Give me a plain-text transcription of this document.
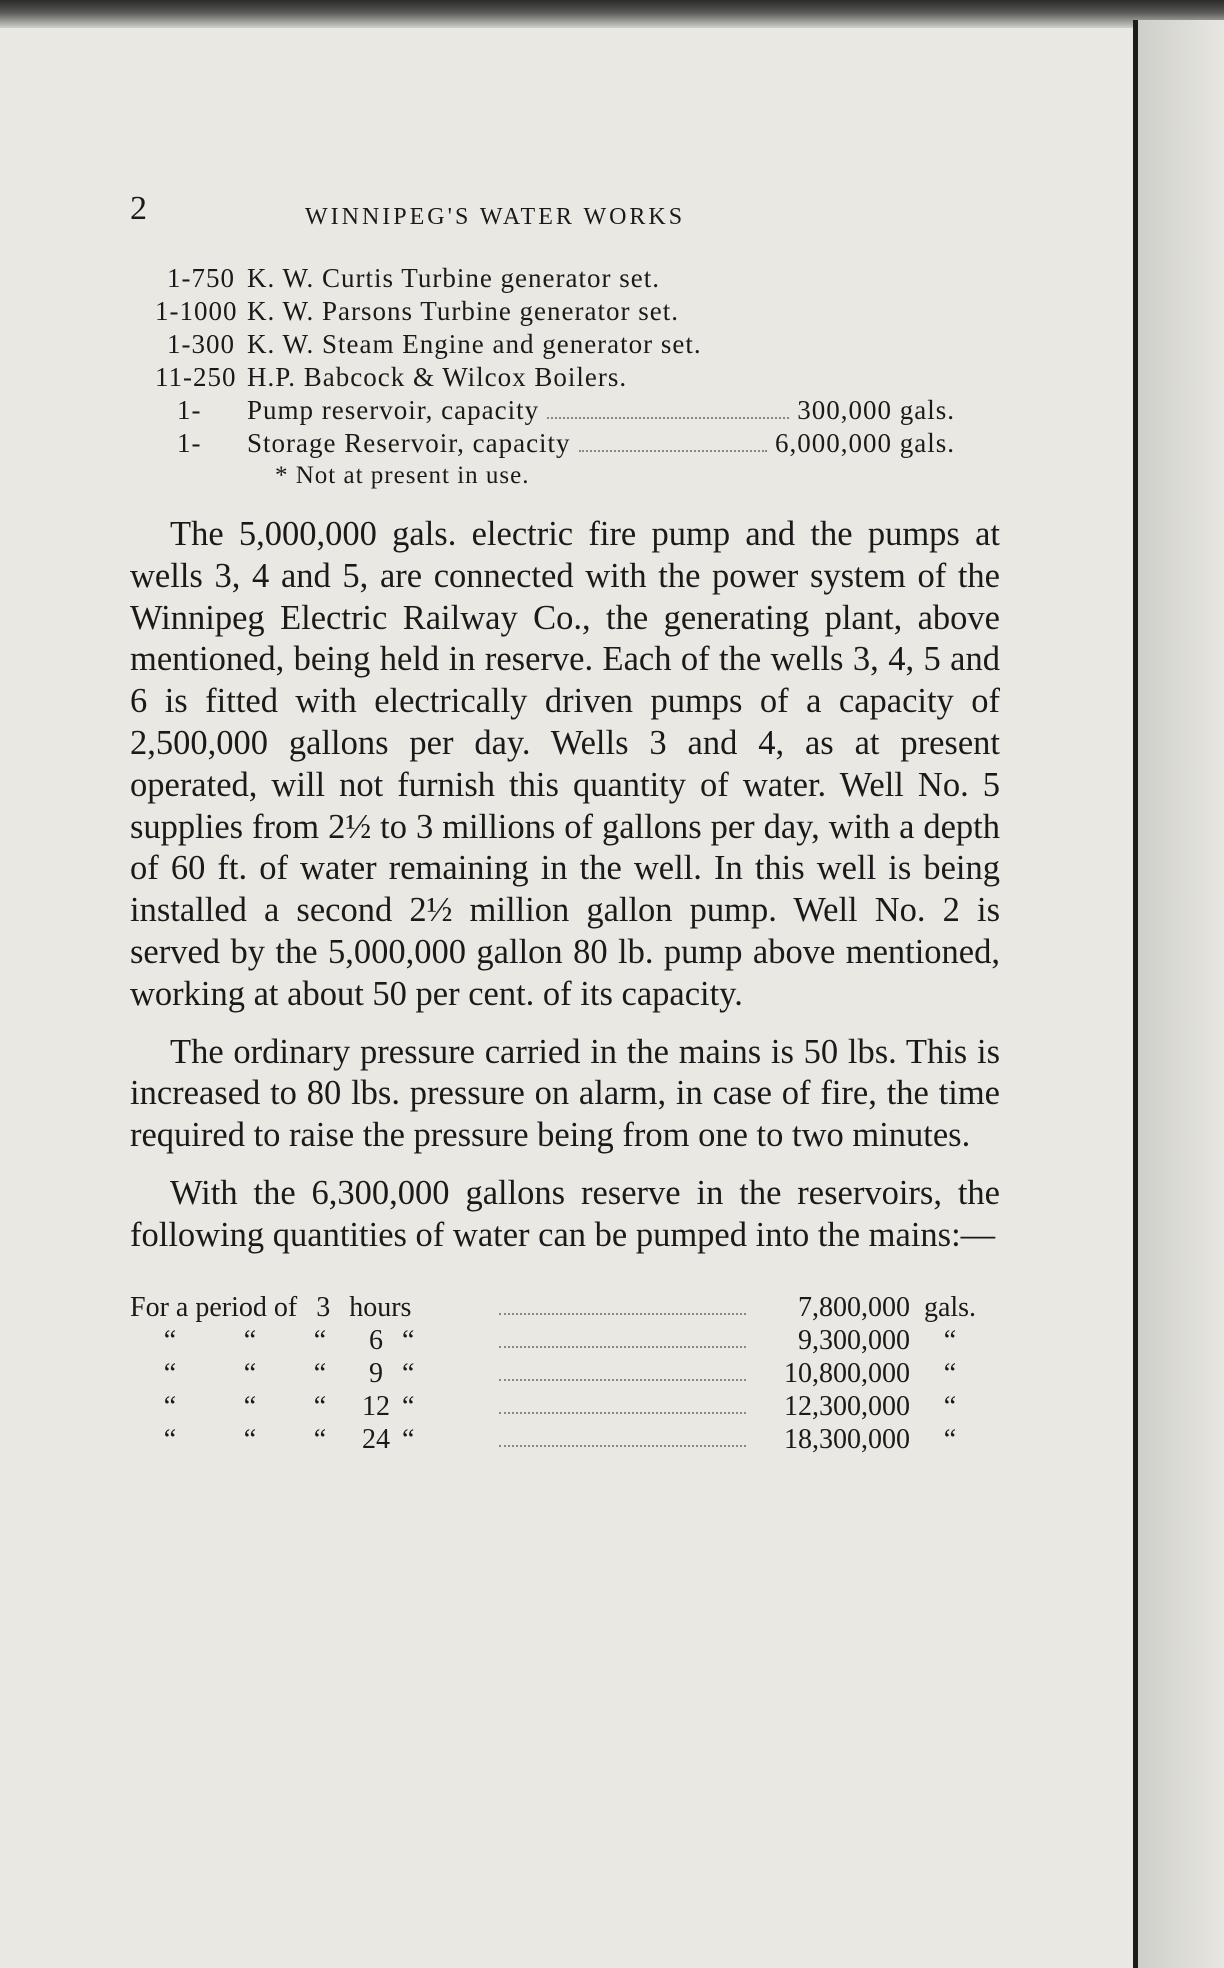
2	WINNIPEG'S WATER WORKS
1-750 K. W. Curtis Turbine generator set.
1-1000 K. W. Parsons Turbine generator set.
1-300 K. W. Steam Engine and generator set.
11-250 H.P. Babcock & Wilcox Boilers.
1-	Pump reservoir, capacity	300,000 gals.
1-	Storage Reservoir, capacity	6,000,000 gals.
* Not at present in use.

The 5,000,000 gals. electric fire pump and the pumps at wells 3, 4 and 5, are connected with the power system of the Winnipeg Electric Railway Co., the generating plant, above mentioned, being held in reserve. Each of the wells 3, 4, 5 and 6 is fitted with electrically driven pumps of a capacity of 2,500,000 gallons per day. Wells 3 and 4, as at present operated, will not furnish this quantity of water. Well No. 5 supplies from 2½ to 3 millions of gallons per day, with a depth of 60 ft. of water remaining in the well. In this well is being installed a second 2½ million gallon pump. Well No. 2 is served by the 5,000,000 gallon 80 lb. pump above mentioned, working at about 50 per cent. of its capacity.

The ordinary pressure carried in the mains is 50 lbs. This is increased to 80 lbs. pressure on alarm, in case of fire, the time required to raise the pressure being from one to two minutes.

With the 6,300,000 gallons reserve in the reservoirs, the following quantities of water can be pumped into the mains:—

For a period of 3 hours	7,800,000 gals.
“ “ “ 6 “	9,300,000	“
“ “ “ 9 “	10,800,000	“
“ “ “ 12 “	12,300,000	“
“ “ “ 24 “	18,300,000	“
